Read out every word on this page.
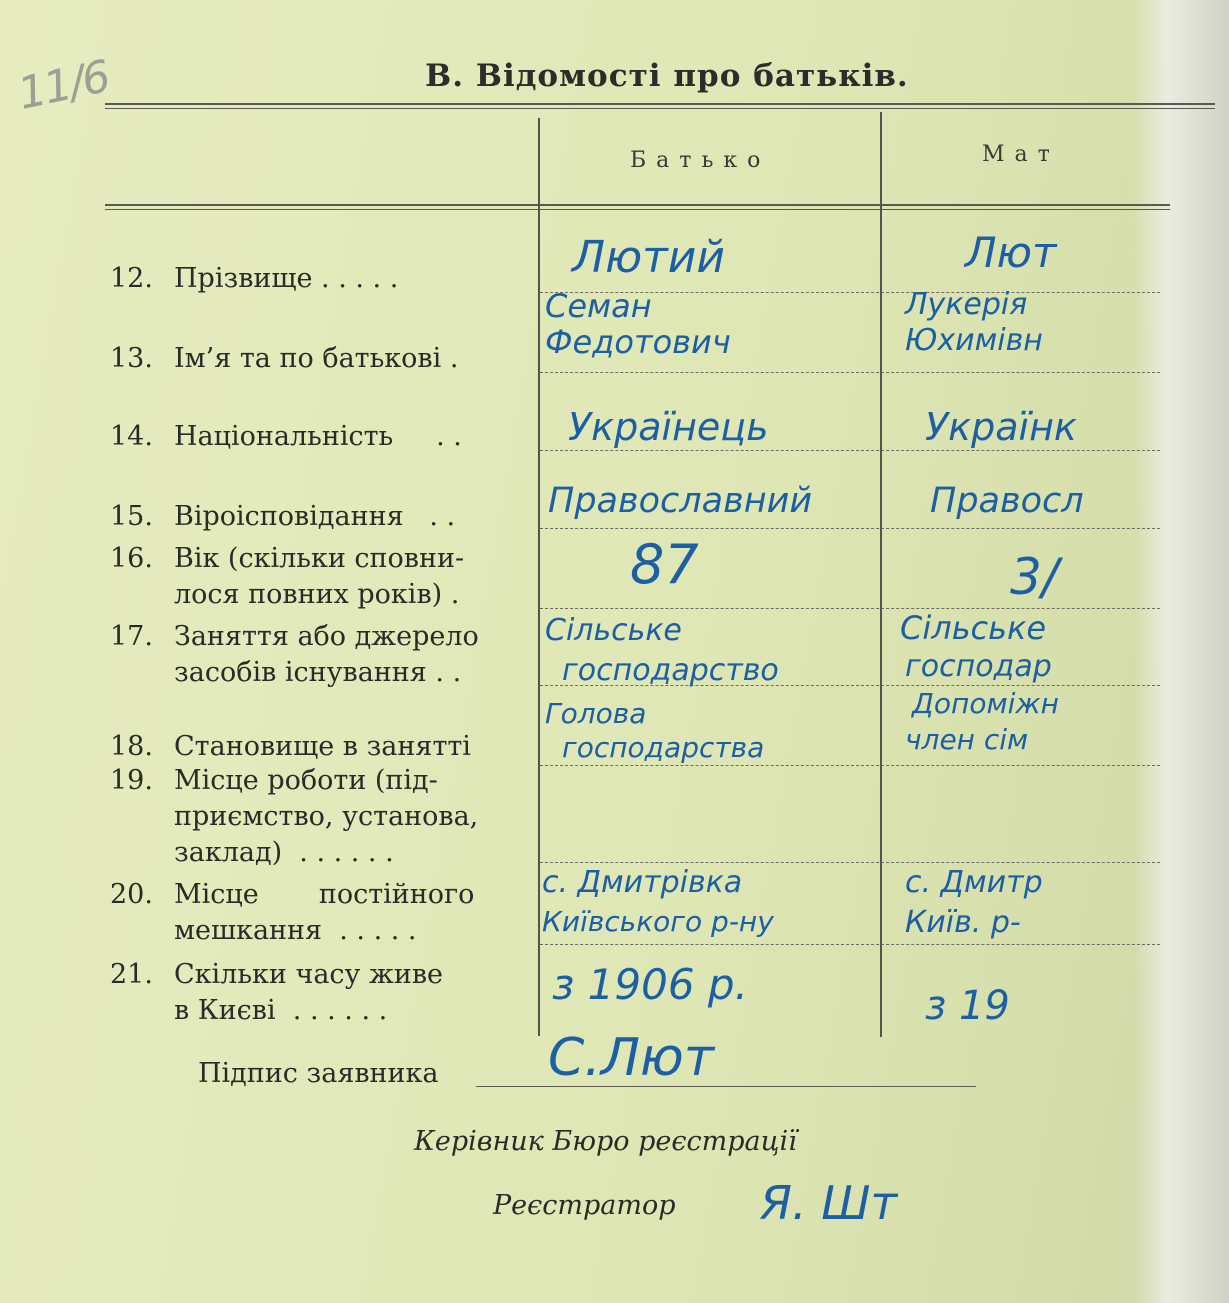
11/6	В. Відомості про батьків.
Батько	Мат
12. Прізвище . . . . .
13. Ім’я та по батькові .
14. Національність     . .
15. Віроісповідання   . .
16. Вік (скільки сповни-
лося повних років) .
17. Заняття або джерело
засобів існування . .
18. Становище в занятті
19. Місце роботи (під-
приємство, установа,
заклад)  . . . . . .
20. Місце       постійного
мешкання  . . . . .
21. Скільки часу живе
в Києві  . . . . . .
Лютий
Семан
Федотович
Українець
Православний
87
Сільське
господарство
Голова
господарства
с. Дмитрівка
Київського р-ну
з 1906 р.
Лют
Лукерія
Юхимівн
Українк
Правосл
3/
Сільське
господар
Допоміжн
член сім
с. Дмитр
Київ. р-
з 19
Підпис заявника С.Лют
Керівник Бюро реєстрації
Реєстратор Я. Шт
